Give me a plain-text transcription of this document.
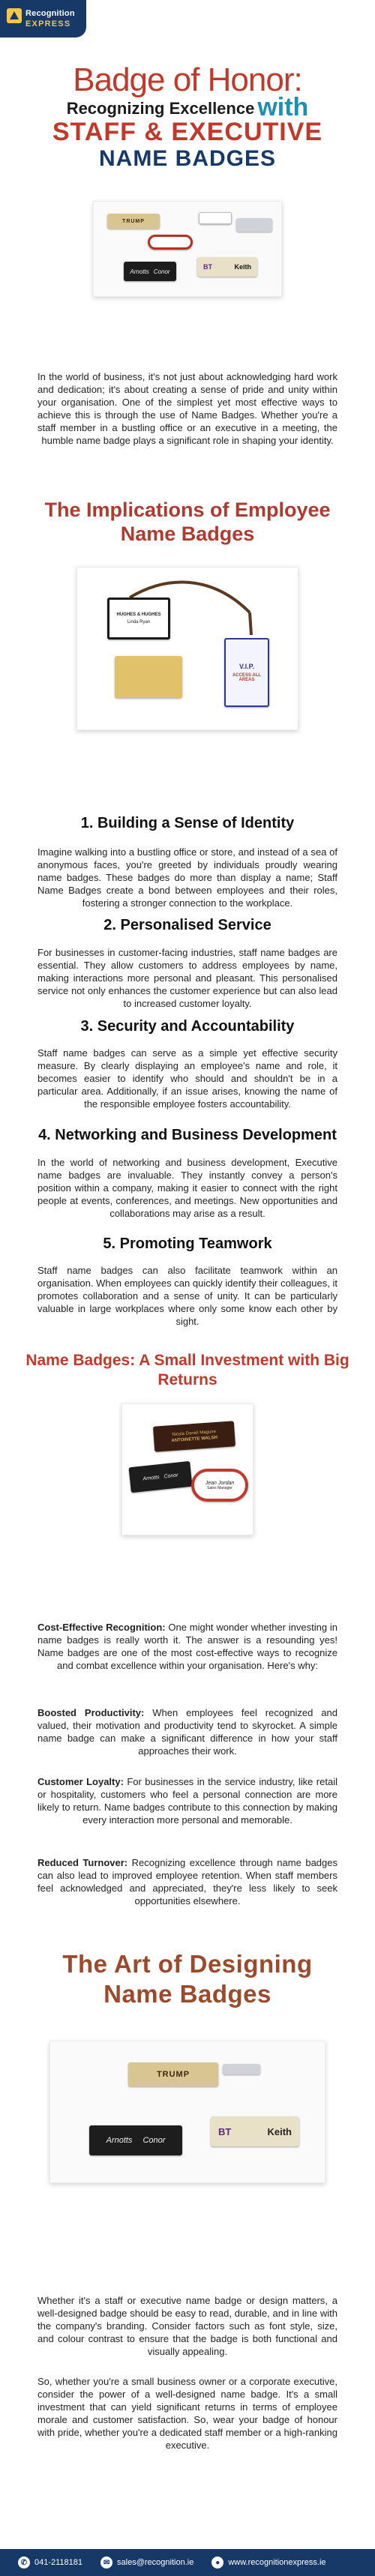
Recognition
EXPRESS
Badge of Honor:
Recognizing Excellence with
STAFF & EXECUTIVE
NAME BADGES
TRUMP
Arnotts Conor
BT	Keith

In the world of business, it's not just about acknowledging hard work and dedication; it's about creating a sense of pride and unity within your organisation. One of the simplest yet most effective ways to achieve this is through the use of Name Badges. Whether you're a staff member in a bustling office or an executive in a meeting, the humble name badge plays a significant role in shaping your identity.

The Implications of Employee Name Badges
HUGHES & HUGHES
Linda Ryan
V.I.P.
ACCESS ALL AREAS
1. Building a Sense of Identity

Imagine walking into a bustling office or store, and instead of a sea of anonymous faces, you're greeted by individuals proudly wearing name badges. These badges do more than display a name; Staff Name Badges create a bond between employees and their roles, fostering a stronger connection to the workplace.

2. Personalised Service

For businesses in customer-facing industries, staff name badges are essential. They allow customers to address employees by name, making interactions more personal and pleasant. This personalised service not only enhances the customer experience but can also lead to increased customer loyalty.

3. Security and Accountability

Staff name badges can serve as a simple yet effective security measure. By clearly displaying an employee's name and role, it becomes easier to identify who should and shouldn't be in a particular area. Additionally, if an issue arises, knowing the name of the responsible employee fosters accountability.

4. Networking and Business Development

In the world of networking and business development, Executive name badges are invaluable. They instantly convey a person's position within a company, making it easier to connect with the right people at events, conferences, and meetings. New opportunities and collaborations may arise as a result.

5. Promoting Teamwork

Staff name badges can also facilitate teamwork within an organisation. When employees can quickly identify their colleagues, it promotes collaboration and a sense of unity. It can be particularly valuable in large workplaces where only some know each other by sight.

Name Badges: A Small Investment with Big Returns
Nicola Daniel Maguire
ANTOINETTE WALSH
Arnotts Conor
Jean Jordan
Sales Manager

Cost-Effective Recognition: One might wonder whether investing in name badges is really worth it. The answer is a resounding yes! Name badges are one of the most cost-effective ways to recognize and combat excellence within your organisation. Here's why:

Boosted Productivity: When employees feel recognized and valued, their motivation and productivity tend to skyrocket. A simple name badge can make a significant difference in how your staff approaches their work.

Customer Loyalty: For businesses in the service industry, like retail or hospitality, customers who feel a personal connection are more likely to return. Name badges contribute to this connection by making every interaction more personal and memorable.

Reduced Turnover: Recognizing excellence through name badges can also lead to improved employee retention. When staff members feel acknowledged and appreciated, they're less likely to seek opportunities elsewhere.

The Art of Designing Name Badges
TRUMP
Arnotts Conor
BT	Keith

Whether it's a staff or executive name badge or design matters, a well-designed badge should be easy to read, durable, and in line with the company's branding. Consider factors such as font style, size, and colour contrast to ensure that the badge is both functional and visually appealing.

So, whether you're a small business owner or a corporate executive, consider the power of a well-designed name badge. It's a small investment that can yield significant returns in terms of employee morale and customer satisfaction. So, wear your badge of honour with pride, whether you're a dedicated staff member or a high-ranking executive.

✆ 041-2118181	✉ sales@recognition.ie	● www.recognitionexpress.ie
